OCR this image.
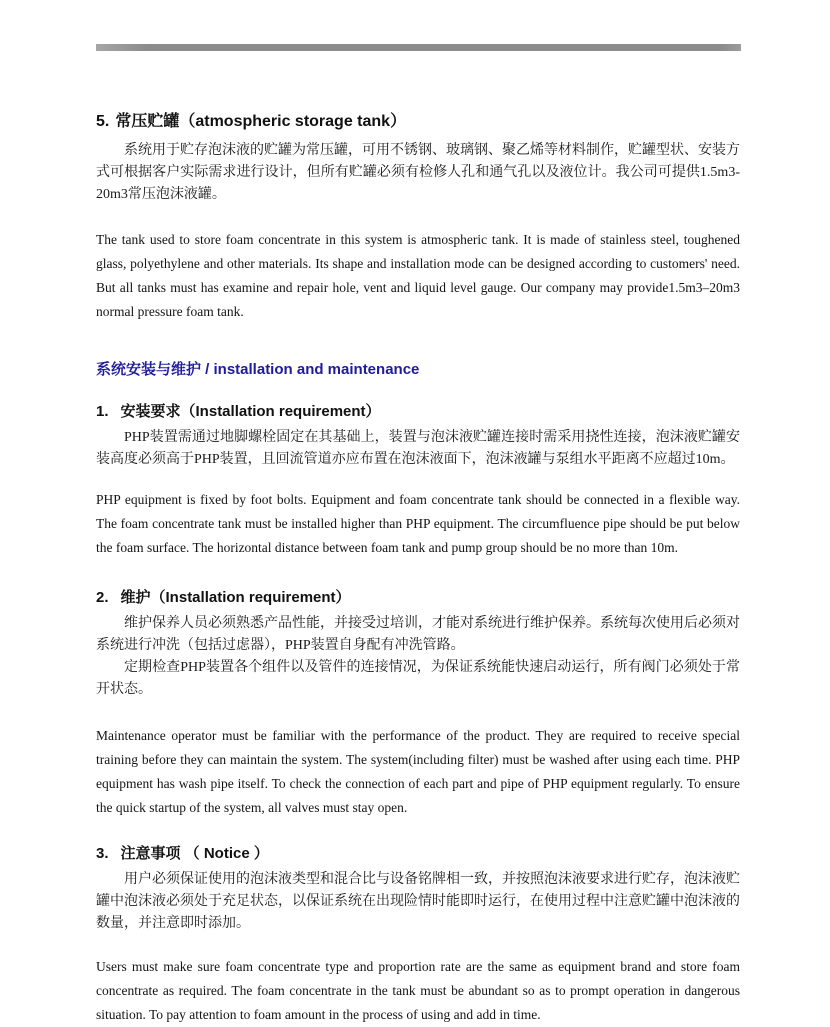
5. 常压贮罐（atmospheric storage tank）

系统用于贮存泡沫液的贮罐为常压罐，可用不锈钢、玻璃钢、聚乙烯等材料制作，贮罐型状、安装方式可根据客户实际需求进行设计，但所有贮罐必须有检修人孔和通气孔以及液位计。我公司可提供1.5m3-20m3常压泡沫液罐。

The tank used to store foam concentrate in this system is atmospheric tank. It is made of stainless steel, toughened glass, polyethylene and other materials. Its shape and installation mode can be designed according to customers' need. But all tanks must has examine and repair hole, vent and liquid level gauge. Our company may provide1.5m3–20m3 normal pressure foam tank.

系统安装与维护 / installation and maintenance
1. 安装要求（Installation requirement）

PHP装置需通过地脚螺栓固定在其基础上，装置与泡沫液贮罐连接时需采用挠性连接，泡沫液贮罐安装高度必须高于PHP装置，且回流管道亦应布置在泡沫液面下，泡沫液罐与泵组水平距离不应超过10m。

PHP equipment is fixed by foot bolts. Equipment and foam concentrate tank should be connected in a flexible way. The foam concentrate tank must be installed higher than PHP equipment. The circumfluence pipe should be put below the foam surface. The horizontal distance between foam tank and pump group should be no more than 10m.

2. 维护（Installation requirement）

维护保养人员必须熟悉产品性能，并接受过培训，才能对系统进行维护保养。系统每次使用后必须对系统进行冲洗（包括过虑器），PHP装置自身配有冲洗管路。

定期检查PHP装置各个组件以及管件的连接情况，为保证系统能快速启动运行，所有阀门必须处于常开状态。

Maintenance operator must be familiar with the performance of the product. They are required to receive special training before they can maintain the system. The system(including filter) must be washed after using each time. PHP equipment has wash pipe itself. To check the connection of each part and pipe of PHP equipment regularly. To ensure the quick startup of the system, all valves must stay open.

3. 注意事项 （ Notice ）

用户必须保证使用的泡沫液类型和混合比与设备铭牌相一致，并按照泡沫液要求进行贮存，泡沫液贮罐中泡沫液必须处于充足状态，以保证系统在出现险情时能即时运行，在使用过程中注意贮罐中泡沫液的数量，并注意即时添加。

Users must make sure foam concentrate type and proportion rate are the same as equipment brand and store foam concentrate as required. The foam concentrate in the tank must be abundant so as to prompt operation in dangerous situation. To pay attention to foam amount in the process of using and add in time.
